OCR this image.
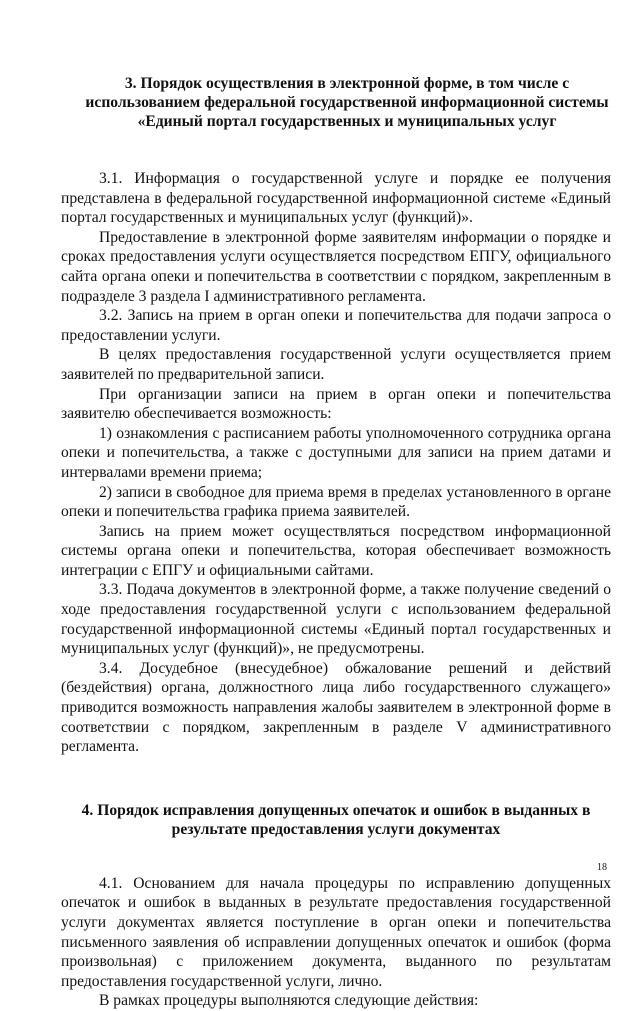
3. Порядок осуществления в электронной форме, в том числе с
использованием федеральной государственной информационной системы
«Единый портал государственных и муниципальных услуг

3.1. Информация о государственной услуге и порядке ее получения представлена в федеральной государственной информационной системе «Единый портал государственных и муниципальных услуг (функций)».

Предоставление в электронной форме заявителям информации о порядке и сроках предоставления услуги осуществляется посредством ЕПГУ, официального сайта органа опеки и попечительства в соответствии с порядком, закрепленным в подразделе 3 раздела I административного регламента.

3.2. Запись на прием в орган опеки и попечительства для подачи запроса о предоставлении услуги.

В целях предоставления государственной услуги осуществляется прием заявителей по предварительной записи.

При организации записи на прием в орган опеки и попечительства заявителю обеспечивается возможность:

1) ознакомления с расписанием работы уполномоченного сотрудника органа опеки и попечительства, а также с доступными для записи на прием датами и интервалами времени приема;

2) записи в свободное для приема время в пределах установленного в органе опеки и попечительства графика приема заявителей.

Запись на прием может осуществляться посредством информационной системы органа опеки и попечительства, которая обеспечивает возможность интеграции с ЕПГУ и официальными сайтами.

3.3. Подача документов в электронной форме, а также получение сведений о ходе предоставления государственной услуги с использованием федеральной государственной информационной системы «Единый портал государственных и муниципальных услуг (функций)», не предусмотрены.

3.4. Досудебное (внесудебное) обжалование решений и действий (бездействия) органа, должностного лица либо государственного служащего» приводится возможность направления жалобы заявителем в электронной форме в соответствии с порядком, закрепленным в разделе V административного регламента.

4. Порядок исправления допущенных опечаток и ошибок в выданных в
результате предоставления услуги документах

4.1. Основанием для начала процедуры по исправлению допущенных опечаток и ошибок в выданных в результате предоставления государственной услуги документах является поступление в орган опеки и попечительства письменного заявления об исправлении допущенных опечаток и ошибок (форма произвольная) с приложением документа, выданного по результатам предоставления государственной услуги, лично.

В рамках процедуры выполняются следующие действия:

18
